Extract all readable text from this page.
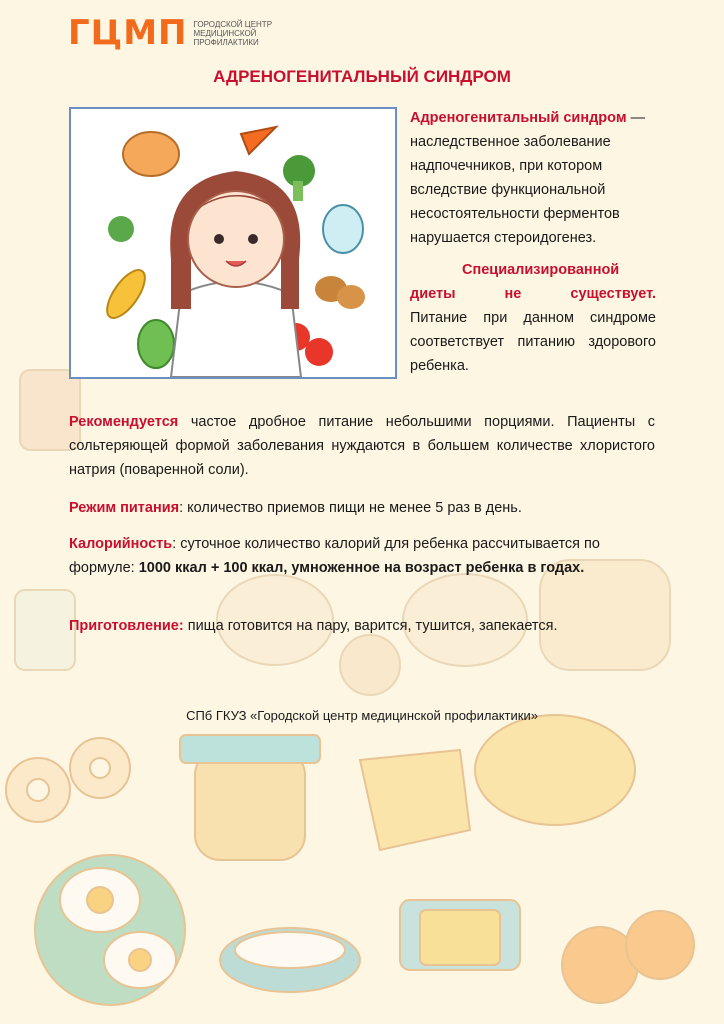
ГЦМП ГОРОДСКОЙ ЦЕНТР МЕДИЦИНСКОЙ ПРОФИЛАКТИКИ
АДРЕНОГЕНИТАЛЬНЫЙ СИНДРОМ

Адреногенитальный синдром — наследственное заболевание надпочечников, при котором вследствие функциональной несостоятельности ферментов нарушается стероидогенез.

Специализированной диеты не существует.
Питание при данном синдроме соответствует питанию здорового ребенка.

Рекомендуется частое дробное питание небольшими порциями. Пациенты с сольтеряющей формой заболевания нуждаются в большем количестве хлористого натрия (поваренной соли).

Режим питания: количество приемов пищи не менее 5 раз в день.

Калорийность: суточное количество калорий для ребенка рассчитывается по формуле: 1000 ккал + 100 ккал, умноженное на возраст ребенка в годах.

Приготовление: пища готовится на пару, варится, тушится, запекается.

СПб ГКУЗ «Городской центр медицинской профилактики»
